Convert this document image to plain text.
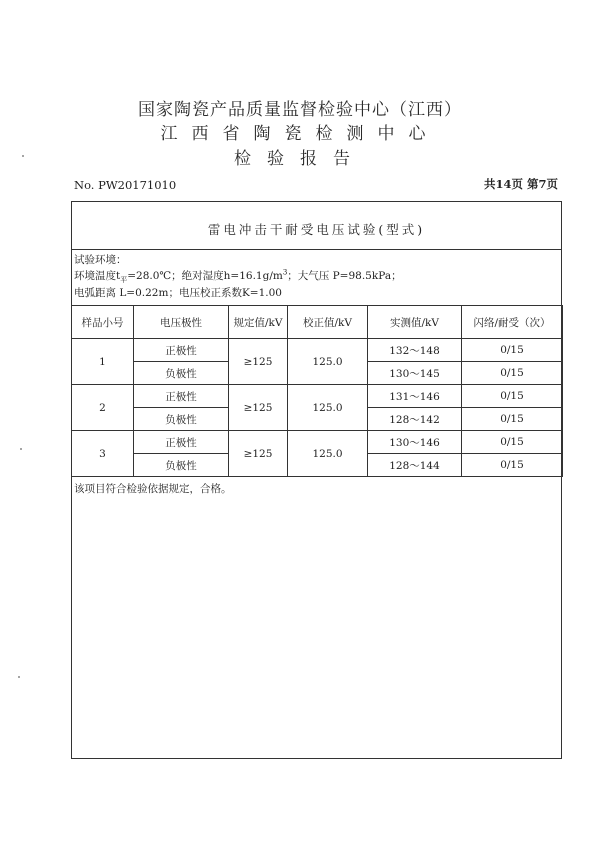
国家陶瓷产品质量监督检验中心（江西）
江西省陶瓷检测中心
检验报告
No. PW20171010	共14页 第7页
雷电冲击干耐受电压试验(型式)
试验环境：
环境温度$t_平=28.0℃$；绝对湿度$h=16.1g/m^3$；大气压 P=98.5kPa；
电弧距离 L=0.22m；电压校正系数K=1.00
样品小号	电压极性	规定值/kV	校正值/kV	实测值/kV	闪络/耐受（次）
1	正极性	≥125	125.0	132～148	0/15
	负极性			130～145	0/15
2	正极性	≥125	125.0	131～146	0/15
	负极性			128～142	0/15
3	正极性	≥125	125.0	130～146	0/15
	负极性			128～144	0/15
该项目符合检验依据规定，合格。
